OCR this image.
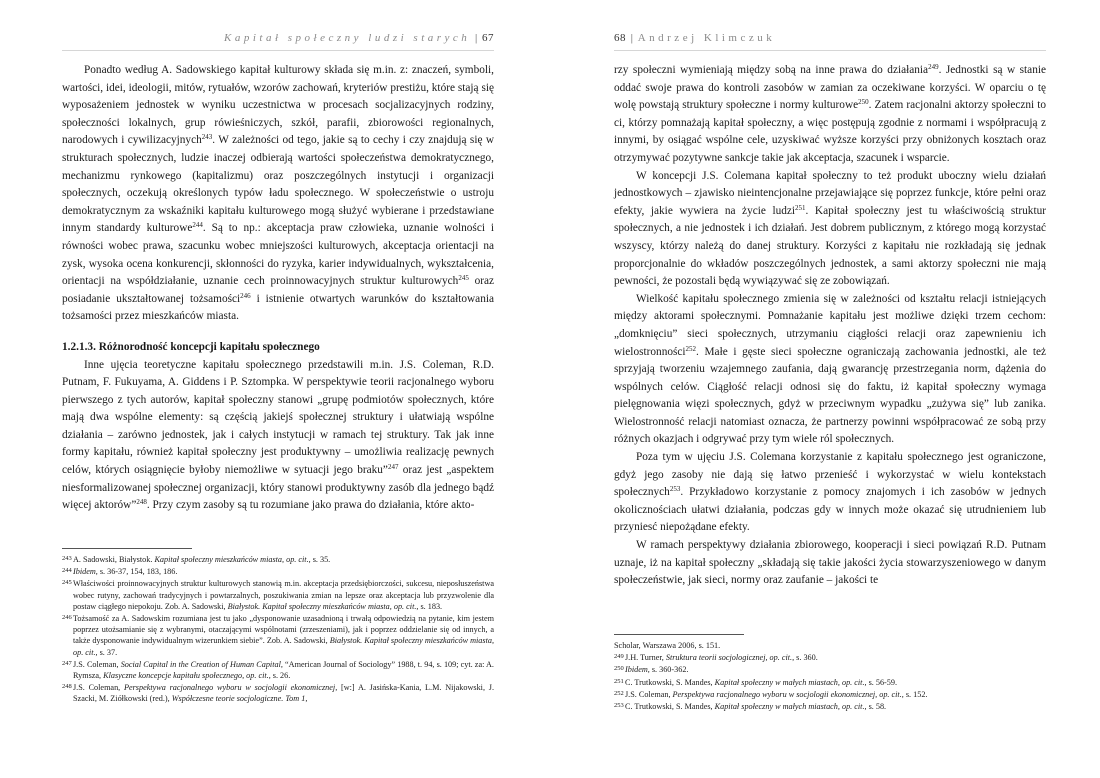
Kapitał społeczny ludzi starych | 67

Ponadto według A. Sadowskiego kapitał kulturowy składa się m.in. z: znaczeń, symboli, wartości, idei, ideologii, mitów, rytuałów, wzorów zachowań, kryteriów prestiżu, które stają się wyposażeniem jednostek w wyniku uczestnictwa w procesach socjalizacyjnych rodziny, społeczności lokalnych, grup rówieśniczych, szkół, parafii, zbiorowości regionalnych, narodowych i cywilizacyjnych$^{243}$. W zależności od tego, jakie są to cechy i czy znajdują się w strukturach społecznych, ludzie inaczej odbierają wartości społeczeństwa demokratycznego, mechanizmu rynkowego (kapitalizmu) oraz poszczególnych instytucji i organizacji społecznych, oczekują określonych typów ładu społecznego. W społeczeństwie o ustroju demokratycznym za wskaźniki kapitału kulturowego mogą służyć wybierane i przedstawiane innym standardy kulturowe$^{244}$. Są to np.: akceptacja praw człowieka, uznanie wolności i równości wobec prawa, szacunku wobec mniejszości kulturowych, akceptacja orientacji na zysk, wysoka ocena konkurencji, skłonności do ryzyka, karier indywidualnych, wykształcenia, orientacji na współdziałanie, uznanie cech proinnowacyjnych struktur kulturowych$^{245}$ oraz posiadanie ukształtowanej tożsamości$^{246}$ i istnienie otwartych warunków do kształtowania tożsamości przez mieszkańców miasta.

1.2.1.3. Różnorodność koncepcji kapitału społecznego

Inne ujęcia teoretyczne kapitału społecznego przedstawili m.in. J.S. Coleman, R.D. Putnam, F. Fukuyama, A. Giddens i P. Sztompka. W perspektywie teorii racjonalnego wyboru pierwszego z tych autorów, kapitał społeczny stanowi „grupę podmiotów społecznych, które mają dwa wspólne elementy: są częścią jakiejś społecznej struktury i ułatwiają wspólne działania – zarówno jednostek, jak i całych instytucji w ramach tej struktury. Tak jak inne formy kapitału, również kapitał społeczny jest produktywny – umożliwia realizację pewnych celów, których osiągnięcie byłoby niemożliwe w sytuacji jego braku”$^{247}$ oraz jest „aspektem niesformalizowanej społecznej organizacji, który stanowi produktywny zasób dla jednego bądź więcej aktorów”$^{248}$. Przy czym zasoby są tu rozumiane jako prawa do działania, które akto-

243A. Sadowski, Białystok. Kapitał społeczny mieszkańców miasta, op. cit., s. 35.

244Ibidem, s. 36-37, 154, 183, 186.

245Właściwości proinnowacyjnych struktur kulturowych stanowią m.in. akceptacja przedsiębiorczości, sukcesu, nieposłuszeństwa wobec rutyny, zachowań tradycyjnych i powtarzalnych, poszukiwania zmian na lepsze oraz akceptacja lub przyzwolenie dla postaw ciągłego niepokoju. Zob. A. Sadowski, Białystok. Kapitał społeczny mieszkańców miasta, op. cit., s. 183.

246Tożsamość za A. Sadowskim rozumiana jest tu jako „dysponowanie uzasadnioną i trwałą odpowiedzią na pytanie, kim jestem poprzez utożsamianie się z wybranymi, otaczającymi wspólnotami (zrzeszeniami), jak i poprzez oddzielanie się od innych, a także dysponowanie indywidualnym wizerunkiem siebie”. Zob. A. Sadowski, Białystok. Kapitał społeczny mieszkańców miasta, op. cit., s. 37.

247J.S. Coleman, Social Capital in the Creation of Human Capital, “American Journal of Sociology” 1988, t. 94, s. 109; cyt. za: A. Rymsza, Klasyczne koncepcje kapitału społecznego, op. cit., s. 26.

248J.S. Coleman, Perspektywa racjonalnego wyboru w socjologii ekonomicznej, [w:] A. Jasińska-Kania, L.M. Nijakowski, J. Szacki, M. Ziółkowski (red.), Współczesne teorie socjologiczne. Tom 1,

68 | Andrzej Klimczuk

rzy społeczni wymieniają między sobą na inne prawa do działania$^{249}$. Jednostki są w stanie oddać swoje prawa do kontroli zasobów w zamian za oczekiwane korzyści. W oparciu o tę wolę powstają struktury społeczne i normy kulturowe$^{250}$. Zatem racjonalni aktorzy społeczni to ci, którzy pomnażają kapitał społeczny, a więc postępują zgodnie z normami i współpracują z innymi, by osiągać wspólne cele, uzyskiwać wyższe korzyści przy obniżonych kosztach oraz otrzymywać pozytywne sankcje takie jak akceptacja, szacunek i wsparcie.

W koncepcji J.S. Colemana kapitał społeczny to też produkt uboczny wielu działań jednostkowych – zjawisko nieintencjonalne przejawiające się poprzez funkcje, które pełni oraz efekty, jakie wywiera na życie ludzi$^{251}$. Kapitał społeczny jest tu właściwością struktur społecznych, a nie jednostek i ich działań. Jest dobrem publicznym, z którego mogą korzystać wszyscy, którzy należą do danej struktury. Korzyści z kapitału nie rozkładają się jednak proporcjonalnie do wkładów poszczególnych jednostek, a sami aktorzy społeczni nie mają pewności, że pozostali będą wywiązywać się ze zobowiązań.

Wielkość kapitału społecznego zmienia się w zależności od kształtu relacji istniejących między aktorami społecznymi. Pomnażanie kapitału jest możliwe dzięki trzem cechom: „domknięciu” sieci społecznych, utrzymaniu ciągłości relacji oraz zapewnieniu ich wielostronności$^{252}$. Małe i gęste sieci społeczne ograniczają zachowania jednostki, ale też sprzyjają tworzeniu wzajemnego zaufania, dają gwarancję przestrzegania norm, dążenia do wspólnych celów. Ciągłość relacji odnosi się do faktu, iż kapitał społeczny wymaga pielęgnowania więzi społecznych, gdyż w przeciwnym wypadku „zużywa się” lub zanika. Wielostronność relacji natomiast oznacza, że partnerzy powinni współpracować ze sobą przy różnych okazjach i odgrywać przy tym wiele ról społecznych.

Poza tym w ujęciu J.S. Colemana korzystanie z kapitału społecznego jest ograniczone, gdyż jego zasoby nie dają się łatwo przenieść i wykorzystać w wielu kontekstach społecznych$^{253}$. Przykładowo korzystanie z pomocy znajomych i ich zasobów w jednych okolicznościach ułatwi działania, podczas gdy w innych może okazać się utrudnieniem lub przyniesć niepożądane efekty.

W ramach perspektywy działania zbiorowego, kooperacji i sieci powiązań R.D. Putnam uznaje, iż na kapitał społeczny „składają się takie jakości życia stowarzyszeniowego w danym społeczeństwie, jak sieci, normy oraz zaufanie – jakości te

Scholar, Warszawa 2006, s. 151.

249J.H. Turner, Struktura teorii socjologicznej, op. cit., s. 360.

250Ibidem, s. 360-362.

251C. Trutkowski, S. Mandes, Kapitał społeczny w małych miastach, op. cit., s. 56-59.

252J.S. Coleman, Perspektywa racjonalnego wyboru w socjologii ekonomicznej, op. cit., s. 152.

253C. Trutkowski, S. Mandes, Kapitał społeczny w małych miastach, op. cit., s. 58.
